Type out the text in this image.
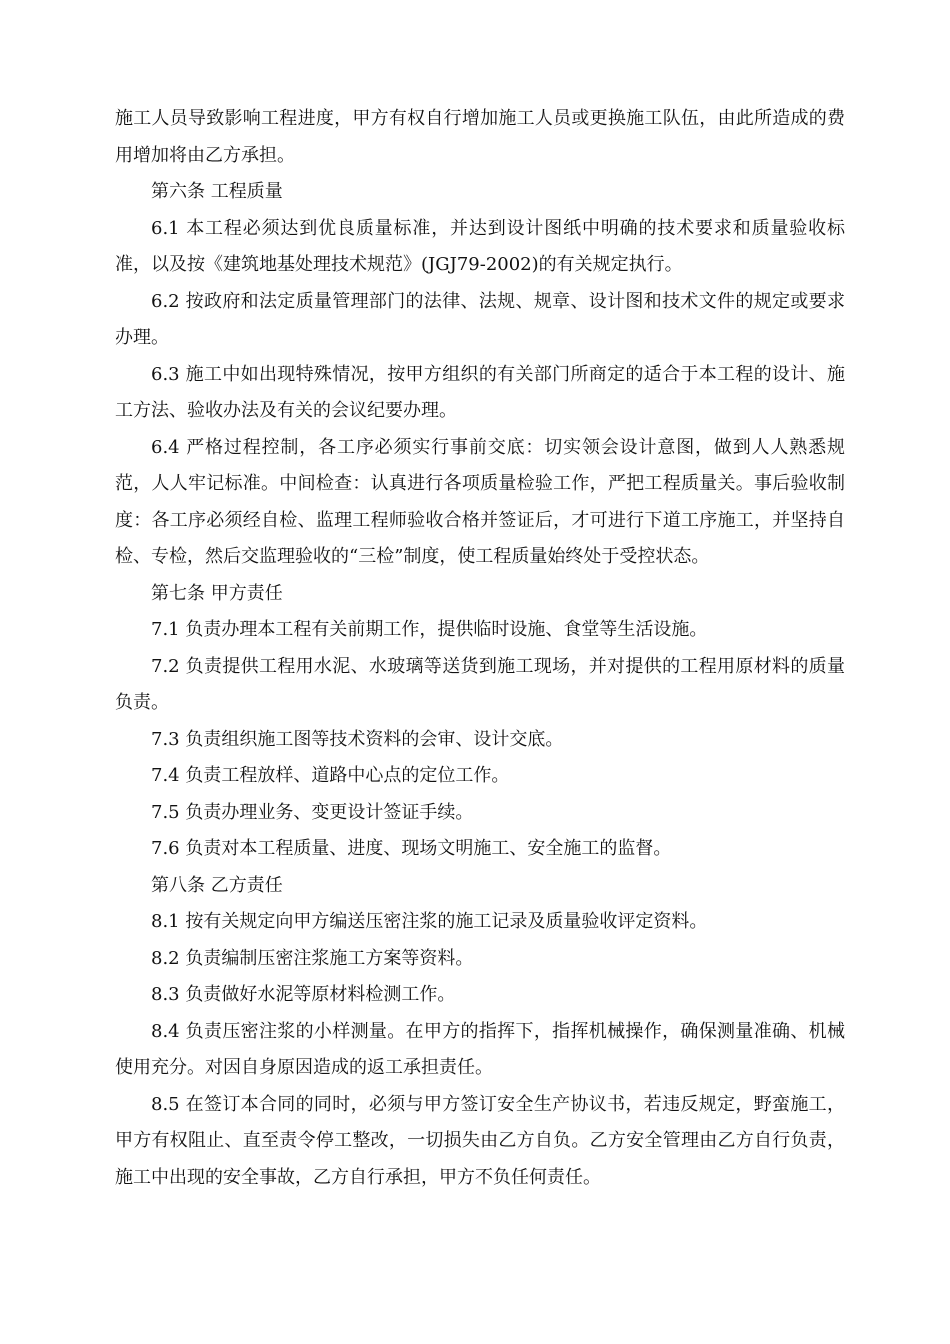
施工人员导致影响工程进度，甲方有权自行增加施工人员或更换施工队伍，由此所造成的费用增加将由乙方承担。

第六条 工程质量

6.1 本工程必须达到优良质量标准，并达到设计图纸中明确的技术要求和质量验收标准，以及按《建筑地基处理技术规范》(JGJ79-2002)的有关规定执行。

6.2 按政府和法定质量管理部门的法律、法规、规章、设计图和技术文件的规定或要求办理。

6.3 施工中如出现特殊情况，按甲方组织的有关部门所商定的适合于本工程的设计、施工方法、验收办法及有关的会议纪要办理。

6.4 严格过程控制，各工序必须实行事前交底：切实领会设计意图，做到人人熟悉规范，人人牢记标准。中间检查：认真进行各项质量检验工作，严把工程质量关。事后验收制度：各工序必须经自检、监理工程师验收合格并签证后，才可进行下道工序施工，并坚持自检、专检，然后交监理验收的“三检”制度，使工程质量始终处于受控状态。

第七条 甲方责任

7.1 负责办理本工程有关前期工作，提供临时设施、食堂等生活设施。

7.2 负责提供工程用水泥、水玻璃等送货到施工现场，并对提供的工程用原材料的质量负责。

7.3 负责组织施工图等技术资料的会审、设计交底。

7.4 负责工程放样、道路中心点的定位工作。

7.5 负责办理业务、变更设计签证手续。

7.6 负责对本工程质量、进度、现场文明施工、安全施工的监督。

第八条 乙方责任

8.1 按有关规定向甲方编送压密注浆的施工记录及质量验收评定资料。

8.2 负责编制压密注浆施工方案等资料。

8.3 负责做好水泥等原材料检测工作。

8.4 负责压密注浆的小样测量。在甲方的指挥下，指挥机械操作，确保测量准确、机械使用充分。对因自身原因造成的返工承担责任。

8.5 在签订本合同的同时，必须与甲方签订安全生产协议书，若违反规定，野蛮施工，甲方有权阻止、直至责令停工整改，一切损失由乙方自负。乙方安全管理由乙方自行负责，施工中出现的安全事故，乙方自行承担，甲方不负任何责任。
